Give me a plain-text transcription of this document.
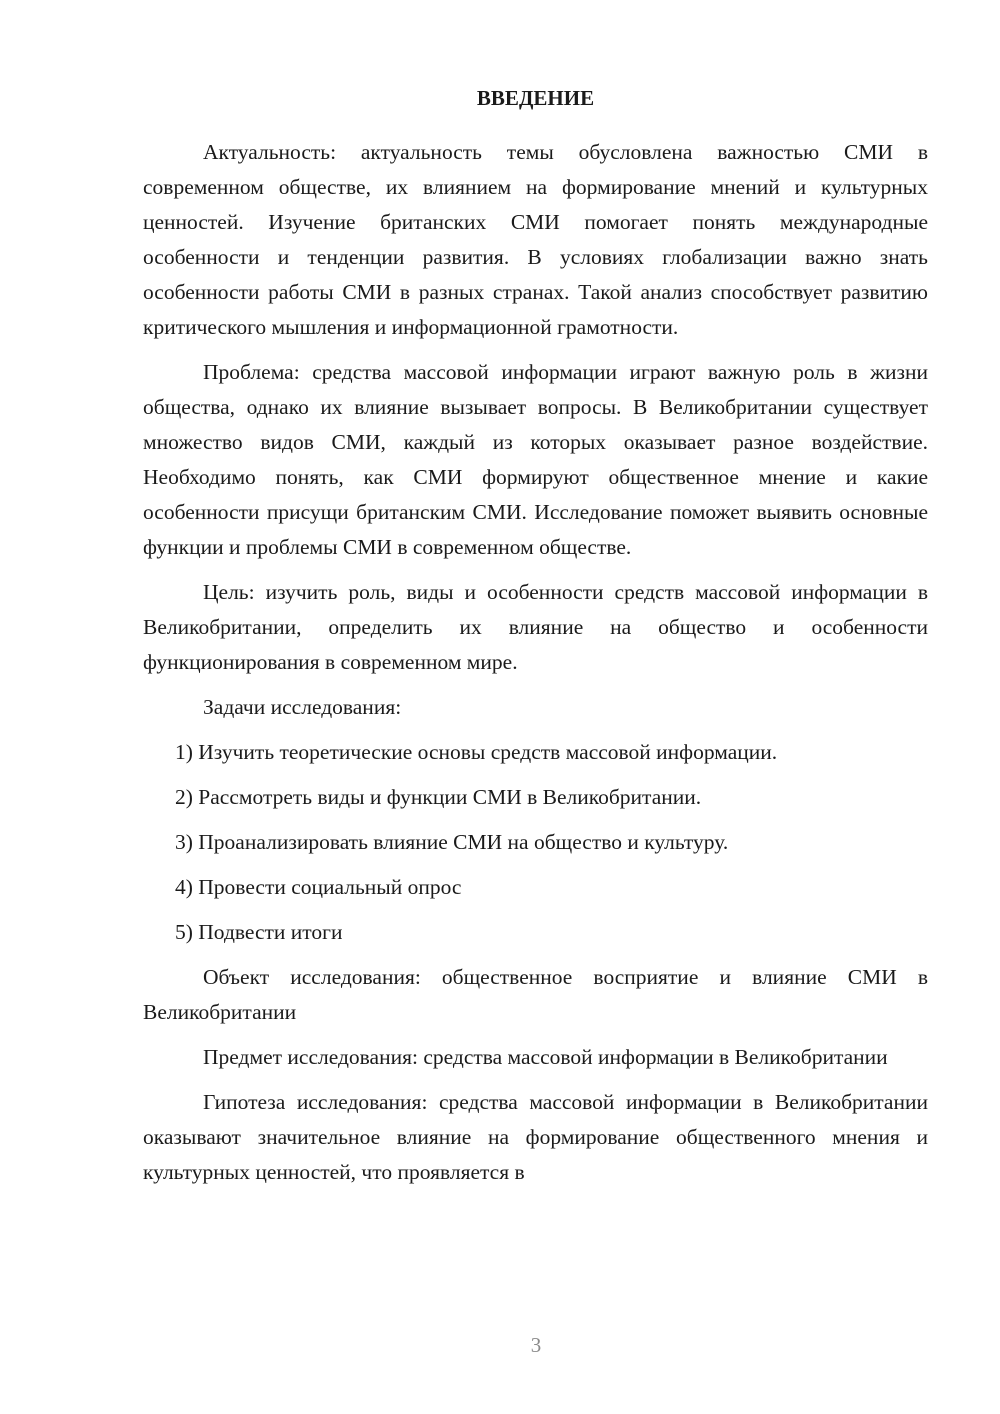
ВВЕДЕНИЕ

Актуальность: актуальность темы обусловлена важностью СМИ в современном обществе, их влиянием на формирование мнений и культурных ценностей. Изучение британских СМИ помогает понять международные особенности и тенденции развития. В условиях глобализации важно знать особенности работы СМИ в разных странах. Такой анализ способствует развитию критического мышления и информационной грамотности.

Проблема: средства массовой информации играют важную роль в жизни общества, однако их влияние вызывает вопросы. В Великобритании существует множество видов СМИ, каждый из которых оказывает разное воздействие. Необходимо понять, как СМИ формируют общественное мнение и какие особенности присущи британским СМИ. Исследование поможет выявить основные функции и проблемы СМИ в современном обществе.

Цель: изучить роль, виды и особенности средств массовой информации в Великобритании, определить их влияние на общество и особенности функционирования в современном мире.

Задачи исследования:

1) Изучить теоретические основы средств массовой информации.
2) Рассмотреть виды и функции СМИ в Великобритании.
3) Проанализировать влияние СМИ на общество и культуру.
4) Провести социальный опрос
5) Подвести итоги

Объект исследования: общественное восприятие и влияние СМИ в Великобритании

Предмет исследования: средства массовой информации в Великобритании

Гипотеза исследования: средства массовой информации в Великобритании оказывают значительное влияние на формирование общественного мнения и культурных ценностей, что проявляется в

3
